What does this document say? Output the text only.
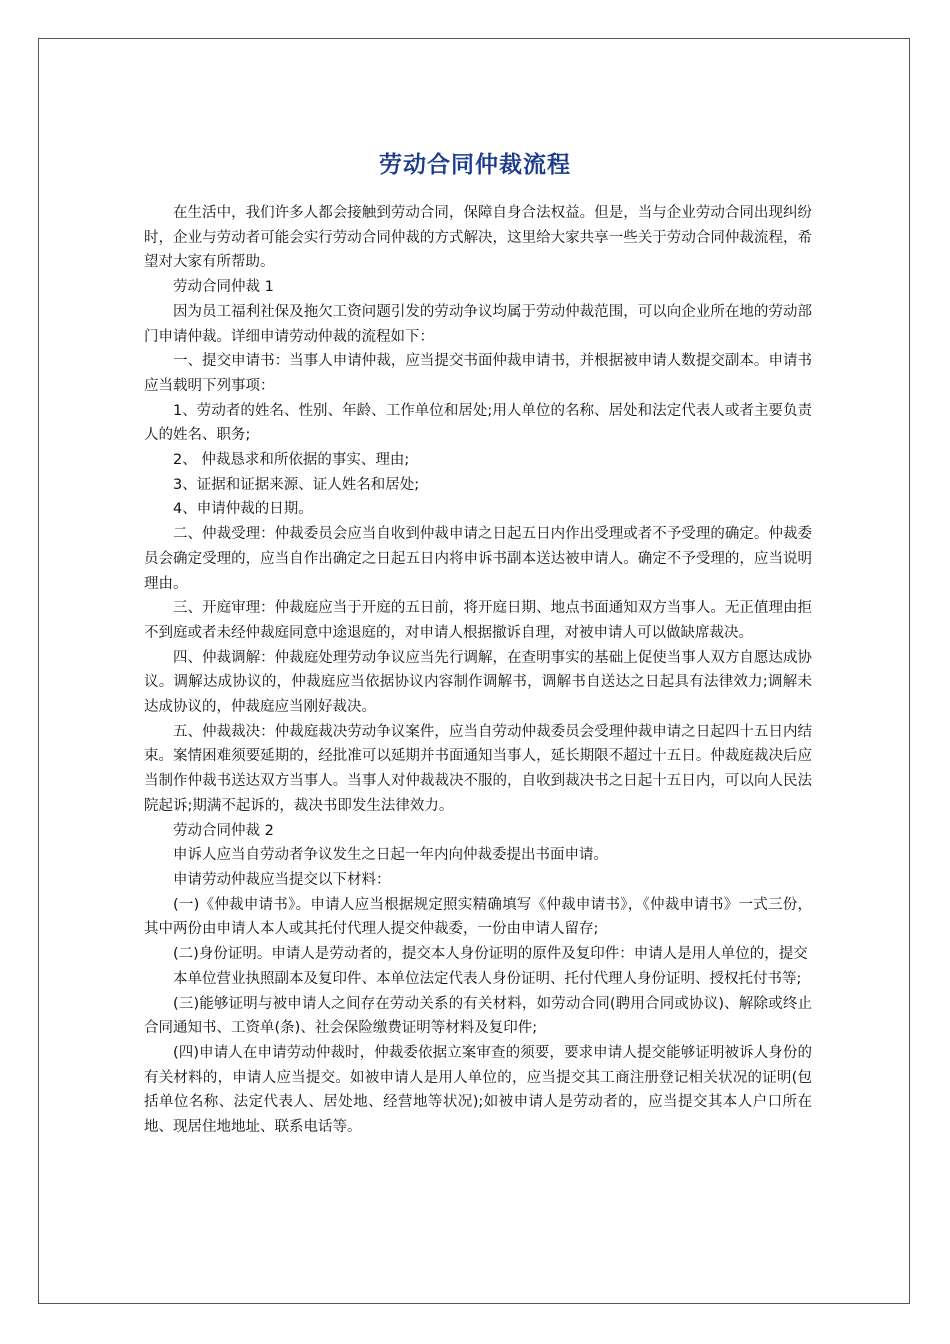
劳动合同仲裁流程

在生活中，我们许多人都会接触到劳动合同，保障自身合法权益。但是，当与企业劳动合同出现纠纷时，企业与劳动者可能会实行劳动合同仲裁的方式解决，这里给大家共享一些关于劳动合同仲裁流程，希望对大家有所帮助。

劳动合同仲裁 1

因为员工福利社保及拖欠工资问题引发的劳动争议均属于劳动仲裁范围，可以向企业所在地的劳动部门申请仲裁。详细申请劳动仲裁的流程如下：

一、提交申请书：当事人申请仲裁，应当提交书面仲裁申请书，并根据被申请人数提交副本。申请书应当载明下列事项：

1、劳动者的姓名、性别、年龄、工作单位和居处;用人单位的名称、居处和法定代表人或者主要负责人的姓名、职务;

2、 仲裁恳求和所依据的事实、理由;

3、证据和证据来源、证人姓名和居处;

4、申请仲裁的日期。

二、仲裁受理：仲裁委员会应当自收到仲裁申请之日起五日内作出受理或者不予受理的确定。仲裁委员会确定受理的，应当自作出确定之日起五日内将申诉书副本送达被申请人。确定不予受理的，应当说明理由。

三、开庭审理：仲裁庭应当于开庭的五日前，将开庭日期、地点书面通知双方当事人。无正值理由拒不到庭或者未经仲裁庭同意中途退庭的，对申请人根据撤诉自理，对被申请人可以做缺席裁决。

四、仲裁调解：仲裁庭处理劳动争议应当先行调解，在查明事实的基础上促使当事人双方自愿达成协议。调解达成协议的，仲裁庭应当依据协议内容制作调解书，调解书自送达之日起具有法律效力;调解未达成协议的，仲裁庭应当刚好裁决。

五、仲裁裁决：仲裁庭裁决劳动争议案件，应当自劳动仲裁委员会受理仲裁申请之日起四十五日内结束。案情困难须要延期的，经批准可以延期并书面通知当事人，延长期限不超过十五日。仲裁庭裁决后应当制作仲裁书送达双方当事人。当事人对仲裁裁决不服的，自收到裁决书之日起十五日内，可以向人民法院起诉;期满不起诉的，裁决书即发生法律效力。

劳动合同仲裁 2

申诉人应当自劳动者争议发生之日起一年内向仲裁委提出书面申请。

申请劳动仲裁应当提交以下材料：

(一)《仲裁申请书》。申请人应当根据规定照实精确填写《仲裁申请书》，《仲裁申请书》一式三份，其中两份由申请人本人或其托付代理人提交仲裁委，一份由申请人留存;

(二)身份证明。申请人是劳动者的，提交本人身份证明的原件及复印件：申请人是用人单位的，提交

本单位营业执照副本及复印件、本单位法定代表人身份证明、托付代理人身份证明、授权托付书等;

(三)能够证明与被申请人之间存在劳动关系的有关材料，如劳动合同(聘用合同或协议)、解除或终止合同通知书、工资单(条)、社会保险缴费证明等材料及复印件;

(四)申请人在申请劳动仲裁时，仲裁委依据立案审查的须要，要求申请人提交能够证明被诉人身份的有关材料的，申请人应当提交。如被申请人是用人单位的，应当提交其工商注册登记相关状况的证明(包括单位名称、法定代表人、居处地、经营地等状况);如被申请人是劳动者的，应当提交其本人户口所在地、现居住地地址、联系电话等。
